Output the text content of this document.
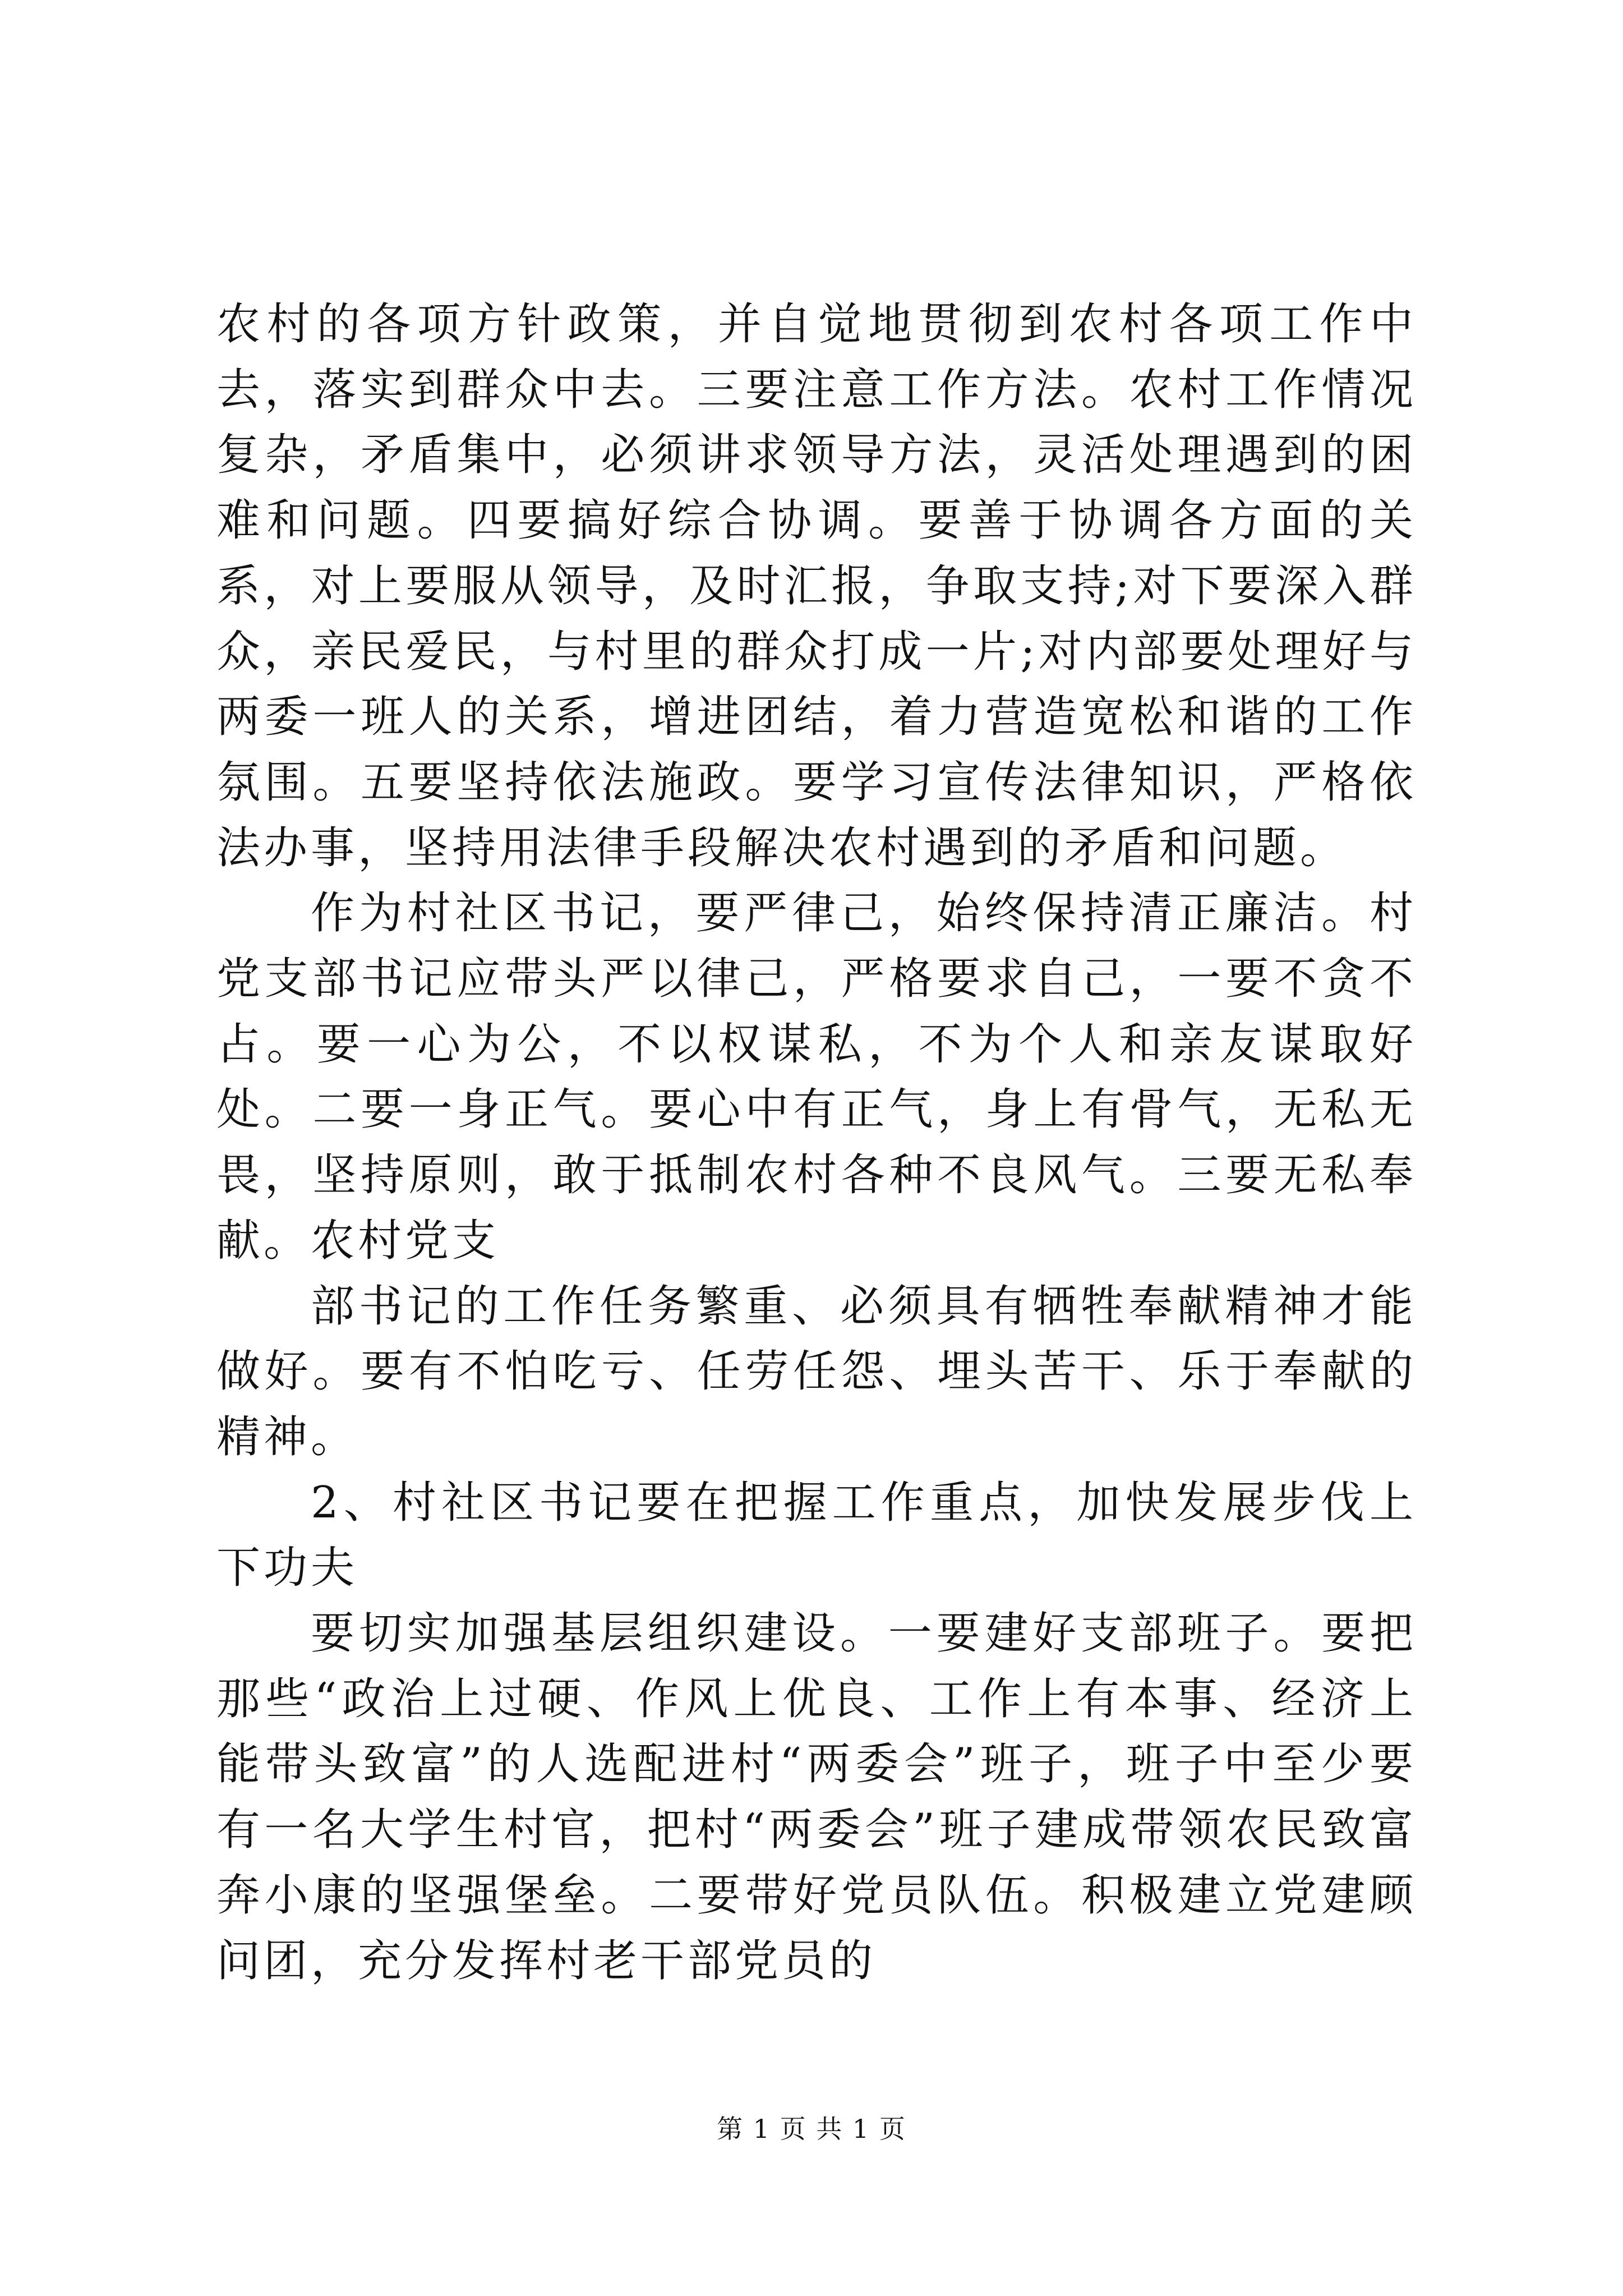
农村的各项方针政策，并自觉地贯彻到农村各项工作中去，落实到群众中去。三要注意工作方法。农村工作情况复杂，矛盾集中，必须讲求领导方法，灵活处理遇到的困难和问题。四要搞好综合协调。要善于协调各方面的关系，对上要服从领导，及时汇报，争取支持;对下要深入群众，亲民爱民，与村里的群众打成一片;对内部要处理好与两委一班人的关系，增进团结，着力营造宽松和谐的工作氛围。五要坚持依法施政。要学习宣传法律知识，严格依法办事，坚持用法律手段解决农村遇到的矛盾和问题。

作为村社区书记，要严律己，始终保持清正廉洁。村党支部书记应带头严以律己，严格要求自己，一要不贪不占。要一心为公，不以权谋私，不为个人和亲友谋取好处。二要一身正气。要心中有正气，身上有骨气，无私无畏，坚持原则，敢于抵制农村各种不良风气。三要无私奉献。农村党支

部书记的工作任务繁重、必须具有牺牲奉献精神才能做好。要有不怕吃亏、任劳任怨、埋头苦干、乐于奉献的精神。

2、村社区书记要在把握工作重点，加快发展步伐上下功夫

要切实加强基层组织建设。一要建好支部班子。要把那些“政治上过硬、作风上优良、工作上有本事、经济上能带头致富”的人选配进村“两委会”班子，班子中至少要有一名大学生村官，把村“两委会”班子建成带领农民致富奔小康的坚强堡垒。二要带好党员队伍。积极建立党建顾问团，充分发挥村老干部党员的

第 1 页 共 1 页
